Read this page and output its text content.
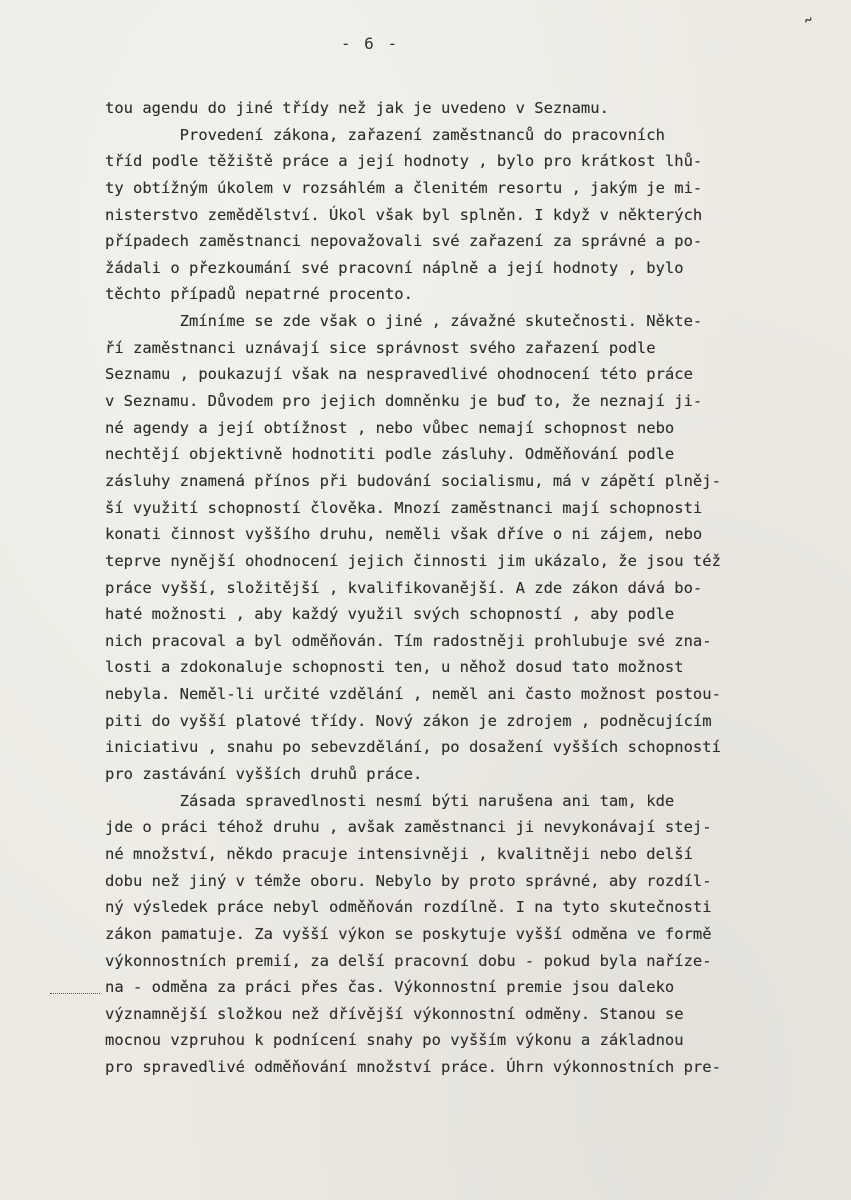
˜
- 6 -
tou agendu do jiné třídy než jak je uvedeno v Seznamu.
Provedení zákona, zařazení zaměstnanců do pracovních
tříd podle těžiště práce a její hodnoty , bylo pro krátkost lhů-
ty obtížným úkolem v rozsáhlém a členitém resortu , jakým je mi-
nisterstvo zemědělství. Úkol však byl splněn. I když v některých
případech zaměstnanci nepovažovali své zařazení za správné a po-
žádali o přezkoumání své pracovní náplně a její hodnoty , bylo
těchto případů nepatrné procento.
Zmíníme se zde však o jiné , závažné skutečnosti. Někte-
ří zaměstnanci uznávají sice správnost svého zařazení podle
Seznamu , poukazují však na nespravedlivé ohodnocení této práce
v Seznamu. Důvodem pro jejich domněnku je buď to, že neznají ji-
né agendy a její obtížnost , nebo vůbec nemají schopnost nebo
nechtějí objektivně hodnotiti podle zásluhy. Odměňování podle
zásluhy znamená přínos při budování socialismu, má v zápětí plněj-
ší využití schopností člověka. Mnozí zaměstnanci mají schopnosti
konati činnost vyššího druhu, neměli však dříve o ni zájem, nebo
teprve nynější ohodnocení jejich činnosti jim ukázalo, že jsou též
práce vyšší, složitější , kvalifikovanější. A zde zákon dává bo-
haté možnosti , aby každý využil svých schopností , aby podle
nich pracoval a byl odměňován. Tím radostněji prohlubuje své zna-
losti a zdokonaluje schopnosti ten, u něhož dosud tato možnost
nebyla. Neměl-li určité vzdělání , neměl ani často možnost postou-
piti do vyšší platové třídy. Nový zákon je zdrojem , podněcujícím
iniciativu , snahu po sebevzdělání, po dosažení vyšších schopností
pro zastávání vyšších druhů práce.
Zásada spravedlnosti nesmí býti narušena ani tam, kde
jde o práci téhož druhu , avšak zaměstnanci ji nevykonávají stej-
né množství, někdo pracuje intensivněji , kvalitněji nebo delší
dobu než jiný v témže oboru. Nebylo by proto správné, aby rozdíl-
ný výsledek práce nebyl odměňován rozdílně. I na tyto skutečnosti
zákon pamatuje. Za vyšší výkon se poskytuje vyšší odměna ve formě
výkonnostních premií, za delší pracovní dobu - pokud byla naříze-
na - odměna za práci přes čas. Výkonnostní premie jsou daleko
významnější složkou než dřívější výkonnostní odměny. Stanou se
mocnou vzpruhou k podnícení snahy po vyšším výkonu a základnou
pro spravedlivé odměňování množství práce. Úhrn výkonnostních pre-
